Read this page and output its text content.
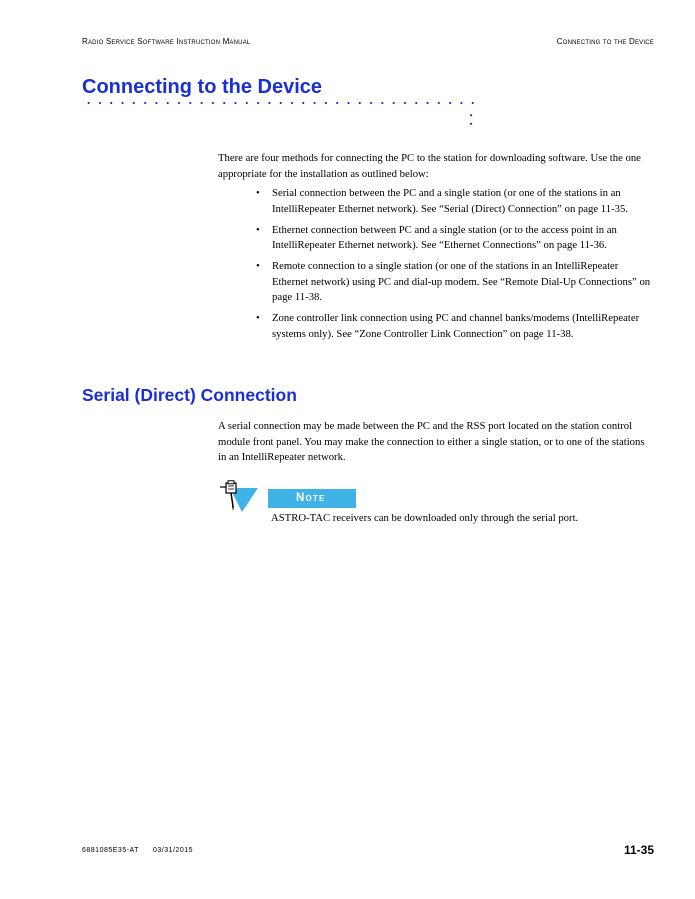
Radio Service Software Instruction Manual	Connecting to the Device
Connecting to the Device

There are four methods for connecting the PC to the station for downloading software. Use the one appropriate for the installation as outlined below:

• Serial connection between the PC and a single station (or one of the stations in an IntelliRepeater Ethernet network). See “Serial (Direct) Connection” on page 11-35.
• Ethernet connection between PC and a single station (or to the access point in an IntelliRepeater Ethernet network). See “Ethernet Connections” on page 11-36.
• Remote connection to a single station (or one of the stations in an IntelliRepeater Ethernet network) using PC and dial-up modem. See “Remote Dial-Up Connections” on page 11-38.
• Zone controller link connection using PC and channel banks/modems (IntelliRepeater systems only). See “Zone Controller Link Connection” on page 11-38.
Serial (Direct) Connection

A serial connection may be made between the PC and the RSS port located on the station control module front panel. You may make the connection to either a single station, or to one of the stations in an IntelliRepeater network.

Note

ASTRO-TAC receivers can be downloaded only through the serial port.

6881085E35-AT 03/31/2015	11-35
